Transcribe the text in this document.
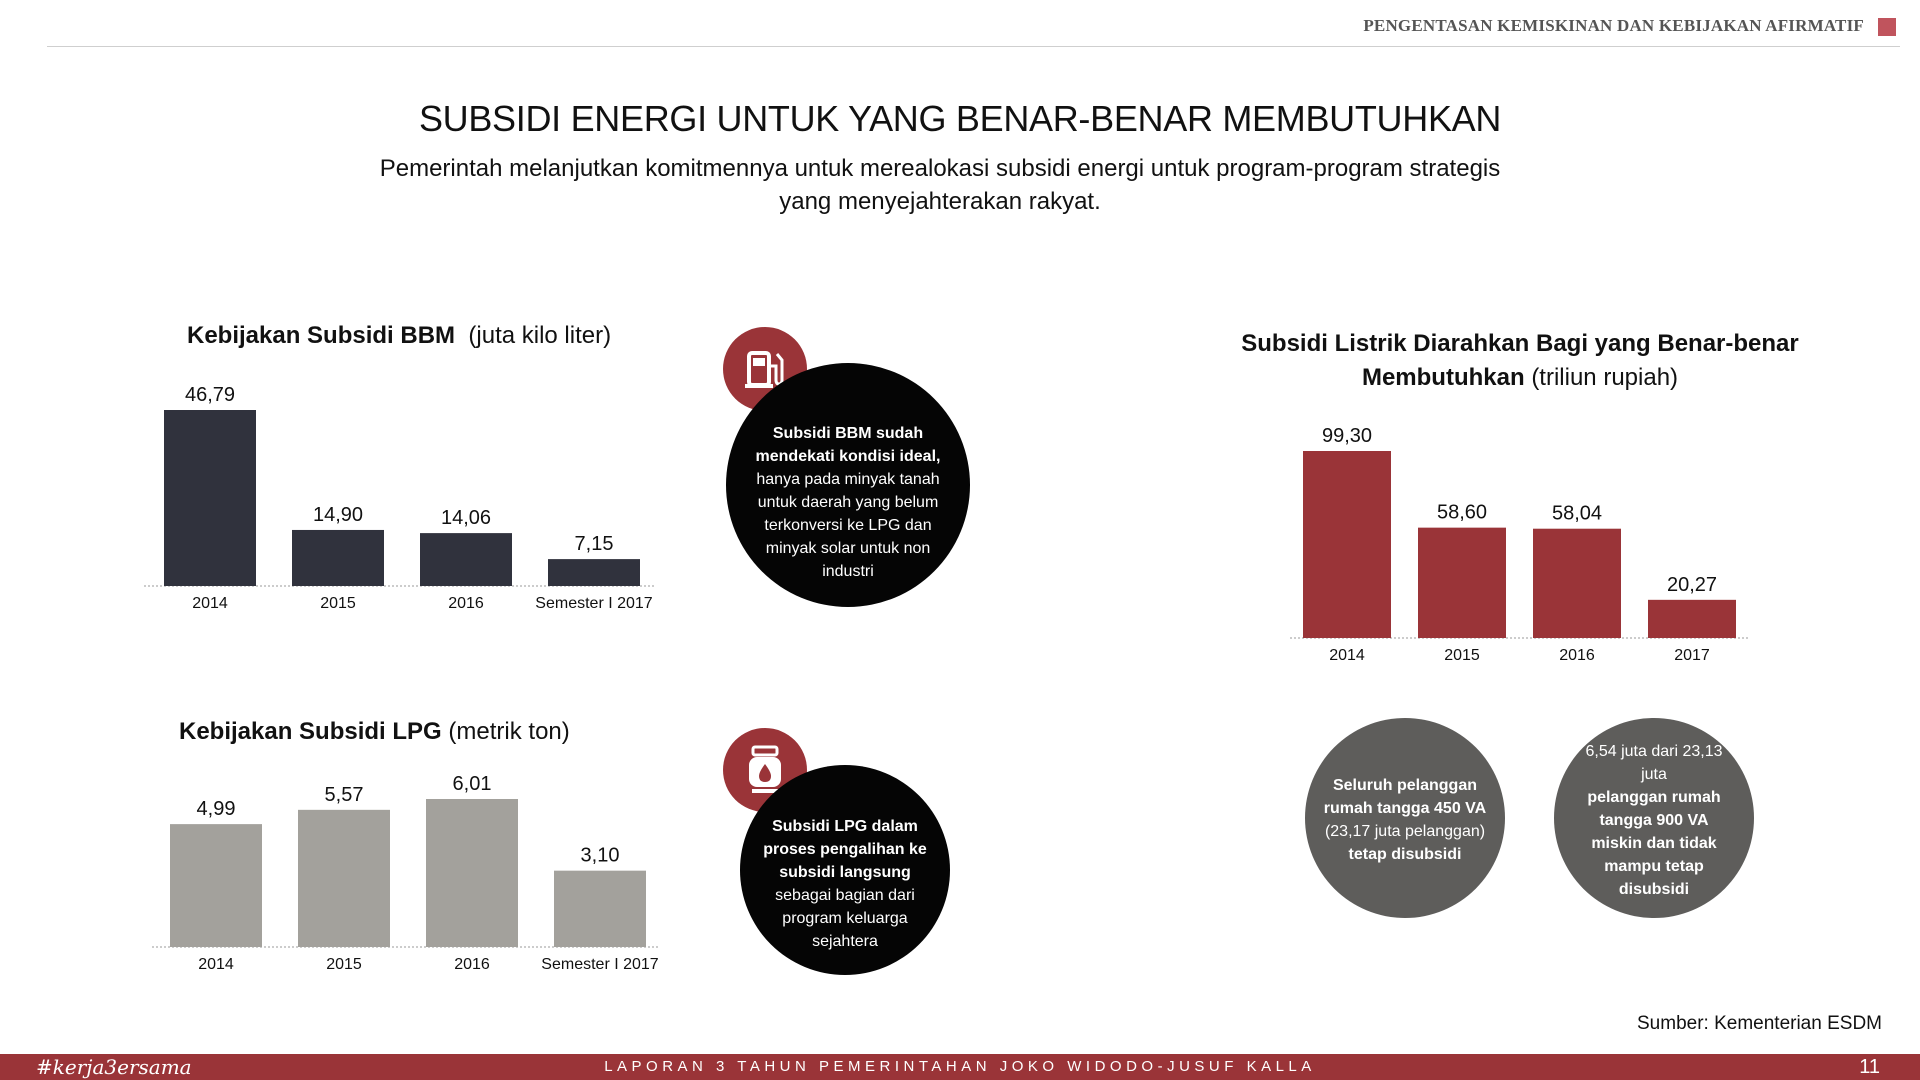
PENGENTASAN KEMISKINAN DAN KEBIJAKAN AFIRMATIF
SUBSIDI ENERGI UNTUK YANG BENAR-BENAR MEMBUTUHKAN
Pemerintah melanjutkan komitmennya untuk merealokasi subsidi energi untuk program-program strategis yang menyejahterakan rakyat.
Kebijakan Subsidi BBM (juta kilo liter)
46,79
2014
14,90
2015
14,06
2016
7,15
Semester I 2017
Subsidi BBM sudah mendekati kondisi ideal,
hanya pada minyak tanah untuk daerah yang belum terkonversi ke LPG dan minyak solar untuk non industri
Kebijakan Subsidi LPG (metrik ton)
4,99
2014
5,57
2015
6,01
2016
3,10
Semester I 2017
Subsidi LPG dalam proses pengalihan ke subsidi langsung
sebagai bagian dari program keluarga sejahtera
Subsidi Listrik Diarahkan Bagi yang Benar-benar Membutuhkan (triliun rupiah)
99,30
2014
58,60
2015
58,04
2016
20,27
2017
Seluruh pelanggan rumah tangga 450 VA (23,17 juta pelanggan) tetap disubsidi
6,54 juta dari 23,13 juta
pelanggan rumah tangga 900 VA miskin dan tidak mampu tetap disubsidi
Sumber: Kementerian ESDM
#kerja3ersama	LAPORAN 3 TAHUN PEMERINTAHAN JOKO WIDODO-JUSUF KALLA	11
